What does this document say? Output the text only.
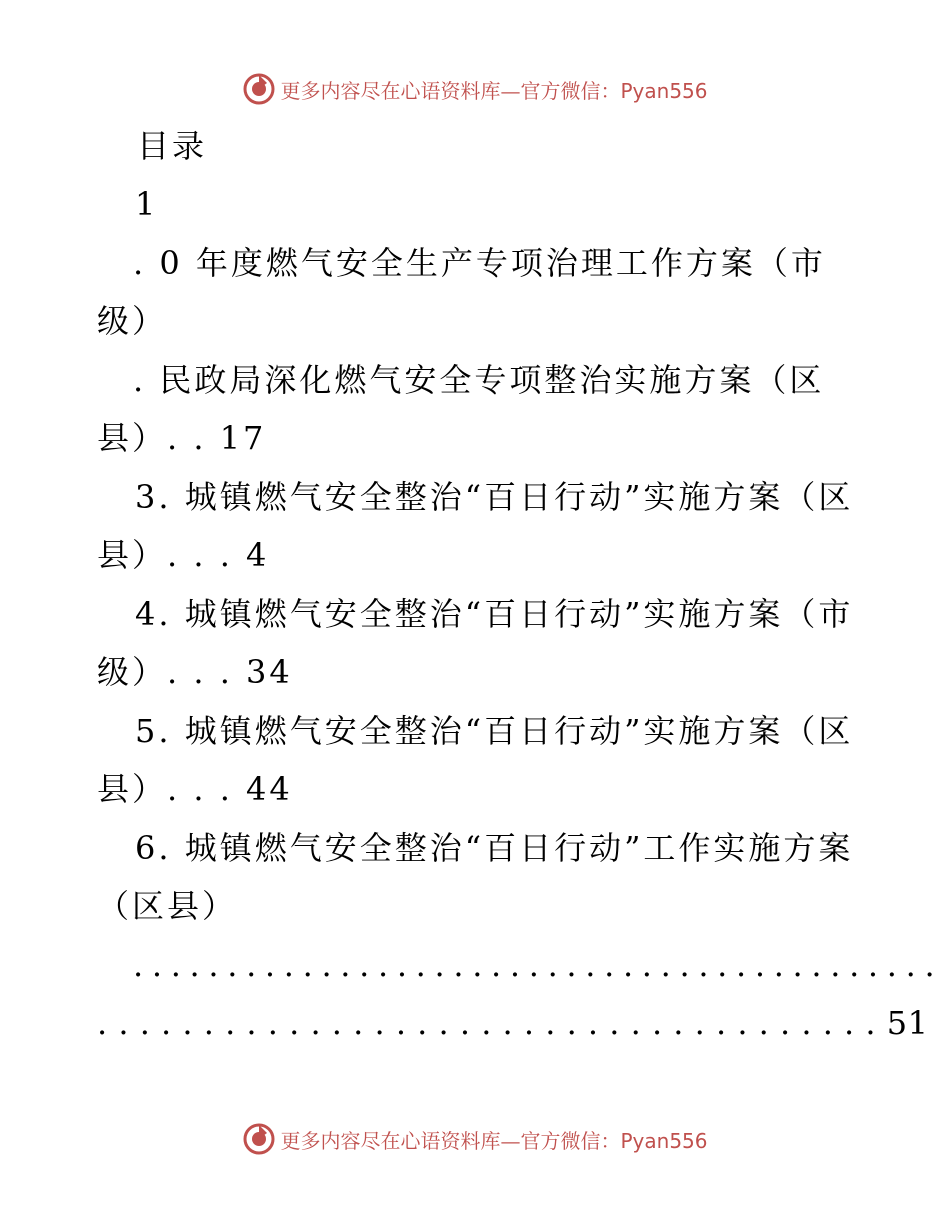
更多内容尽在心语资料库—官方微信：Pyan556
目录
1
. 0 年度燃气安全生产专项治理工作方案（市
级）
. 民政局深化燃气安全专项整治实施方案（区
县）. . 17
3. 城镇燃气安全整治“百日行动”实施方案（区
县）. . . 4
4. 城镇燃气安全整治“百日行动”实施方案（市
级）. . . 34
5. 城镇燃气安全整治“百日行动”实施方案（区
县）. . . 44
6. 城镇燃气安全整治“百日行动”工作实施方案
（区县）
. . . . . . . . . . . . . . . . . . . . . . . . . . . . . . . . . . . . . . . . . . .
. . . . . . . . . . . . . . . . . . . . . . . . . . . . . . . . . . . . . 51
更多内容尽在心语资料库—官方微信：Pyan556
